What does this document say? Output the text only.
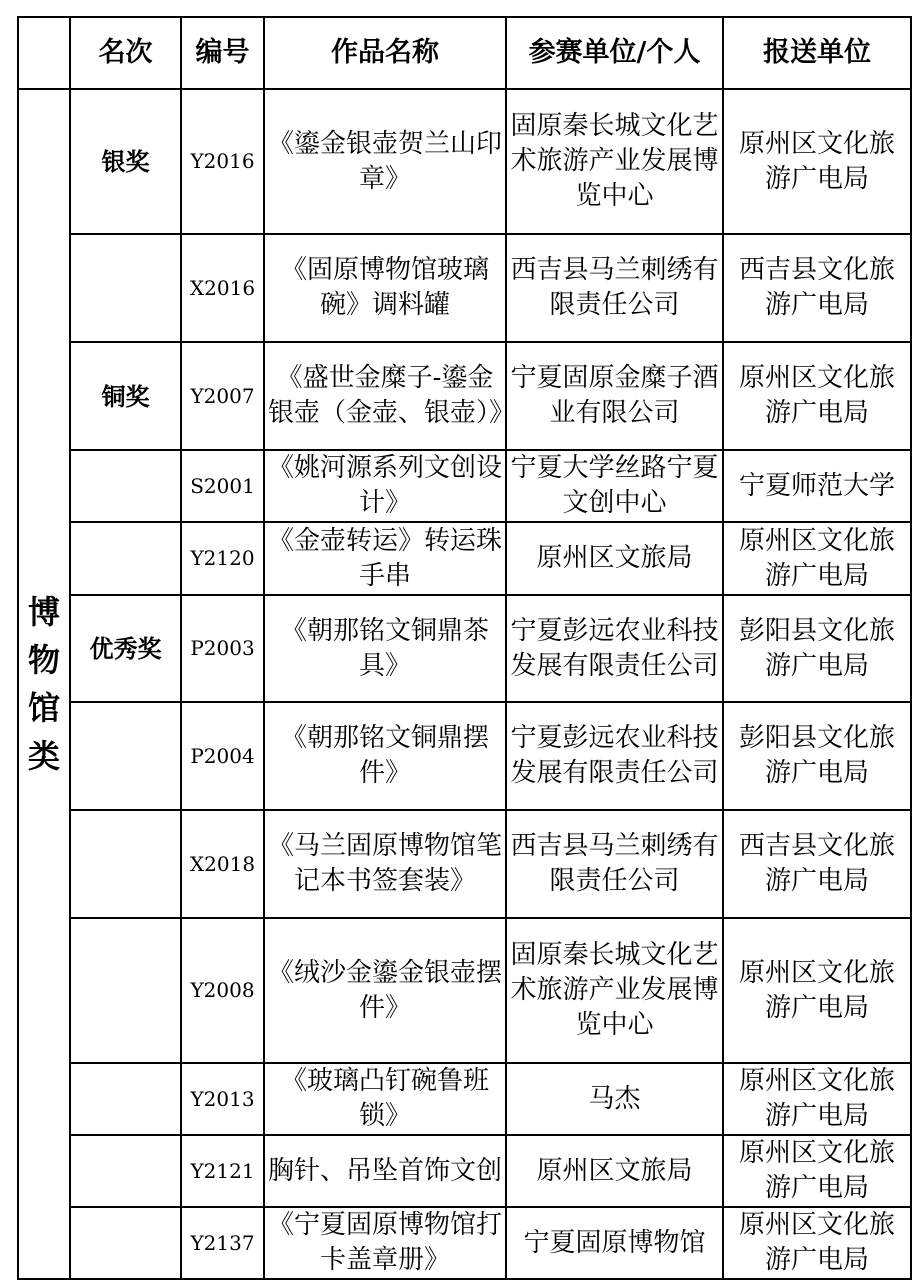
	名次	编号	作品名称	参赛单位/个人	报送单位

博
物
馆
类	银奖	Y2016	《鎏金银壶贺兰山印章》	固原秦长城文化艺术旅游产业发展博览中心	原州区文化旅游广电局
		X2016	《固原博物馆玻璃碗》调料罐	西吉县马兰刺绣有限责任公司	西吉县文化旅游广电局
	铜奖	Y2007	《盛世金糜子-鎏金银壶（金壶、银壶）》	宁夏固原金糜子酒业有限公司	原州区文化旅游广电局
		S2001	《姚河源系列文创设计》	宁夏大学丝路宁夏文创中心	宁夏师范大学
		Y2120	《金壶转运》转运珠手串	原州区文旅局	原州区文化旅游广电局
	优秀奖	P2003	《朝那铭文铜鼎茶具》	宁夏彭远农业科技发展有限责任公司	彭阳县文化旅游广电局
		P2004	《朝那铭文铜鼎摆件》	宁夏彭远农业科技发展有限责任公司	彭阳县文化旅游广电局
		X2018	《马兰固原博物馆笔记本书签套装》	西吉县马兰刺绣有限责任公司	西吉县文化旅游广电局
		Y2008	《绒沙金鎏金银壶摆件》	固原秦长城文化艺术旅游产业发展博览中心	原州区文化旅游广电局
		Y2013	《玻璃凸钉碗鲁班锁》	马杰	原州区文化旅游广电局
		Y2121	胸针、吊坠首饰文创	原州区文旅局	原州区文化旅游广电局
		Y2137	《宁夏固原博物馆打卡盖章册》	宁夏固原博物馆	原州区文化旅游广电局
